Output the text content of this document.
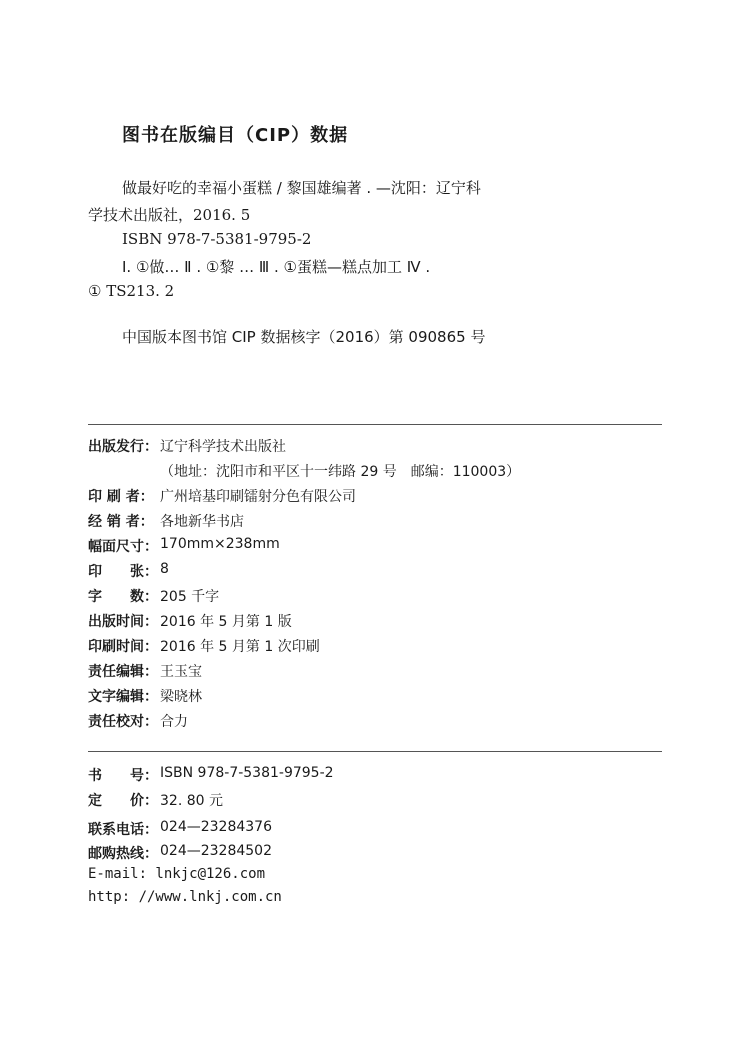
图书在版编目（CIP）数据
做最好吃的幸福小蛋糕 / 黎国雄编著 . —沈阳：辽宁科
学技术出版社，2016. 5
ISBN 978-7-5381-9795-2
Ⅰ. ①做… Ⅱ . ①黎 … Ⅲ . ①蛋糕—糕点加工 Ⅳ .
① TS213. 2
中国版本图书馆 CIP 数据核字（2016）第 090865 号
出版发行： 辽宁科学技术出版社
（地址：沈阳市和平区十一纬路 29 号　邮编：110003）
印 刷 者： 广州培基印刷镭射分色有限公司
经 销 者： 各地新华书店
幅面尺寸： 170mm×238mm
印　　张： 8
字　　数： 205 千字
出版时间： 2016 年 5 月第 1 版
印刷时间： 2016 年 5 月第 1 次印刷
责任编辑： 王玉宝
文字编辑： 梁晓林
责任校对： 合力
书　　号： ISBN 978-7-5381-9795-2
定　　价： 32. 80 元
联系电话： 024—23284376
邮购热线： 024—23284502
E-mail: lnkjc@126.com
http: //www.lnkj.com.cn
